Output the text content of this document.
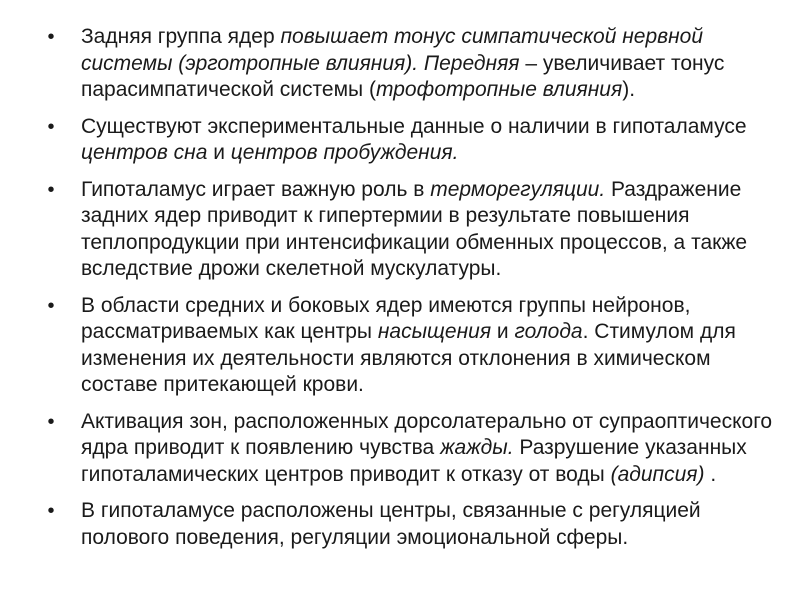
• Задняя группа ядер повышает тонус симпатической нервной системы (эрготропные влияния). Передняя – увеличивает тонус парасимпатической системы (трофотропные влияния).
• Существуют экспериментальные данные о наличии в гипоталамусе центров сна и центров пробуждения.
• Гипоталамус играет важную роль в терморегуляции. Раздражение задних ядер приводит к гипертермии в результате повышения теплопродукции при интенсификации обменных процессов, а также вследствие дрожи скелетной мускулатуры.
• В области средних и боковых ядер имеются группы нейронов, рассматриваемых как центры насыщения и голода. Стимулом для изменения их деятельности являются отклонения в химическом составе притекающей крови.
• Активация зон, расположенных дорсолатерально от супраоптического ядра приводит к появлению чувства жажды. Разрушение указанных гипоталамических центров приводит к отказу от воды (адипсия) .
• В гипоталамусе расположены центры, связанные с регуляцией полового поведения, регуляции эмоциональной сферы.
